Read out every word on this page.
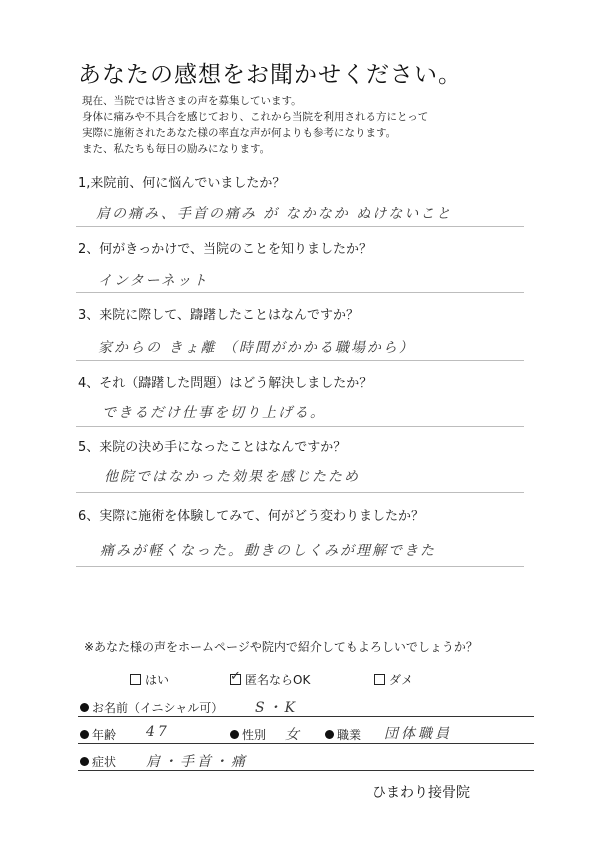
あなたの感想をお聞かせください。
現在、当院では皆さまの声を募集しています。
身体に痛みや不具合を感じており、これから当院を利用される方にとって
実際に施術されたあなた様の率直な声が何よりも参考になります。
また、私たちも毎日の励みになります。
1,来院前、何に悩んでいましたか？
肩の痛み、手首の痛み が なかなか ぬけないこと
2、何がきっかけで、当院のことを知りましたか？
インターネット
3、来院に際して、躊躇したことはなんですか？
家からの きょ離 （時間がかかる職場から）
4、それ（躊躇した問題）はどう解決しましたか？
できるだけ仕事を切り上げる。
5、来院の決め手になったことはなんですか？
他院ではなかった効果を感じたため
6、実際に施術を体験してみて、何がどう変わりましたか？
痛みが軽くなった。動きのしくみが理解できた
※あなた様の声をホームページや院内で紹介してもよろしいでしょうか？
はい
✓	匿名ならOK	ダメ
お名前（イニシャル可） S・K
年齢 47	性別 女	職業 団体職員
症状 肩・手首・痛
ひまわり接骨院
